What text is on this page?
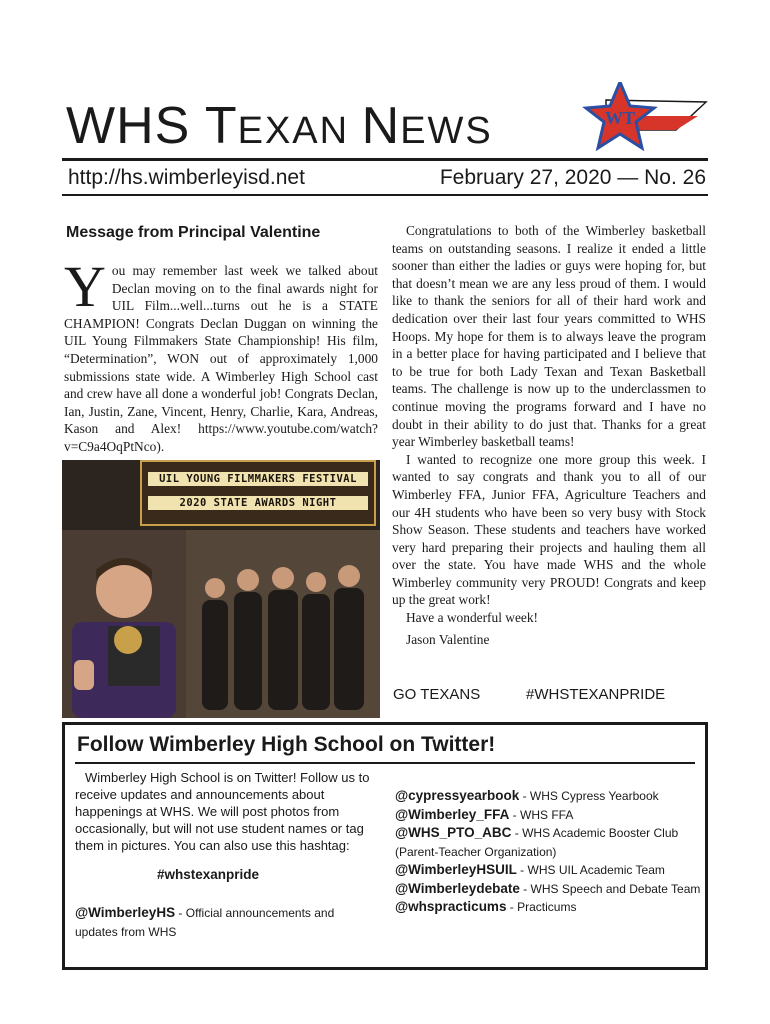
WHS TEXAN NEWS	WT
http://hs.wimberleyisd.net	February 27, 2020 — No. 26
Message from Principal Valentine
You may remember last week we talked about Declan moving on to the final awards night for UIL Film...well...turns out he is a STATE CHAMPION! Congrats Declan Duggan on winning the UIL Young Filmmakers State Championship! His film, “Determination”, WON out of approximately 1,000 submissions state wide. A Wimberley High School cast and crew have all done a wonderful job! Congrats Declan, Ian, Justin, Zane, Vincent, Henry, Charlie, Kara, Andreas, Kason and Alex! https://www.youtube.com/watch?v=C9a4OqPtNco).

Congratulations to both of the Wimberley basketball teams on outstanding seasons. I realize it ended a little sooner than either the ladies or guys were hoping for, but that doesn’t mean we are any less proud of them. I would like to thank the seniors for all of their hard work and dedication over their last four years committed to WHS Hoops. My hope for them is to always leave the program in a better place for having participated and I believe that to be true for both Lady Texan and Texan Basketball teams. The challenge is now up to the underclassmen to continue moving the programs forward and I have no doubt in their ability to do just that. Thanks for a great year Wimberley basketball teams!

I wanted to recognize one more group this week. I wanted to say congrats and thank you to all of our Wimberley FFA, Junior FFA, Agriculture Teachers and our 4H students who have been so very busy with Stock Show Season. These students and teachers have worked very hard preparing their projects and hauling them all over the state. You have made WHS and the whole Wimberley community very PROUD! Congrats and keep up the great work!

Have a wonderful week!

Jason Valentine

UIL YOUNG FILMMAKERS FESTIVAL
2020 STATE AWARDS NIGHT
GO TEXANS	#WHSTEXANPRIDE
Follow Wimberley High School on Twitter!
Wimberley High School is on Twitter! Follow us to receive updates and announcements about happenings at WHS. We will post photos from occasionally, but will not use student names or tag them in pictures. You can also use this hashtag:
#whstexanpride
@WimberleyHS - Official announcements and updates from WHS
@cypressyearbook - WHS Cypress Yearbook
@Wimberley_FFA - WHS FFA
@WHS_PTO_ABC - WHS Academic Booster Club (Parent-Teacher Organization)
@WimberleyHSUIL - WHS UIL Academic Team
@Wimberleydebate - WHS Speech and Debate Team
@whspracticums - Practicums
